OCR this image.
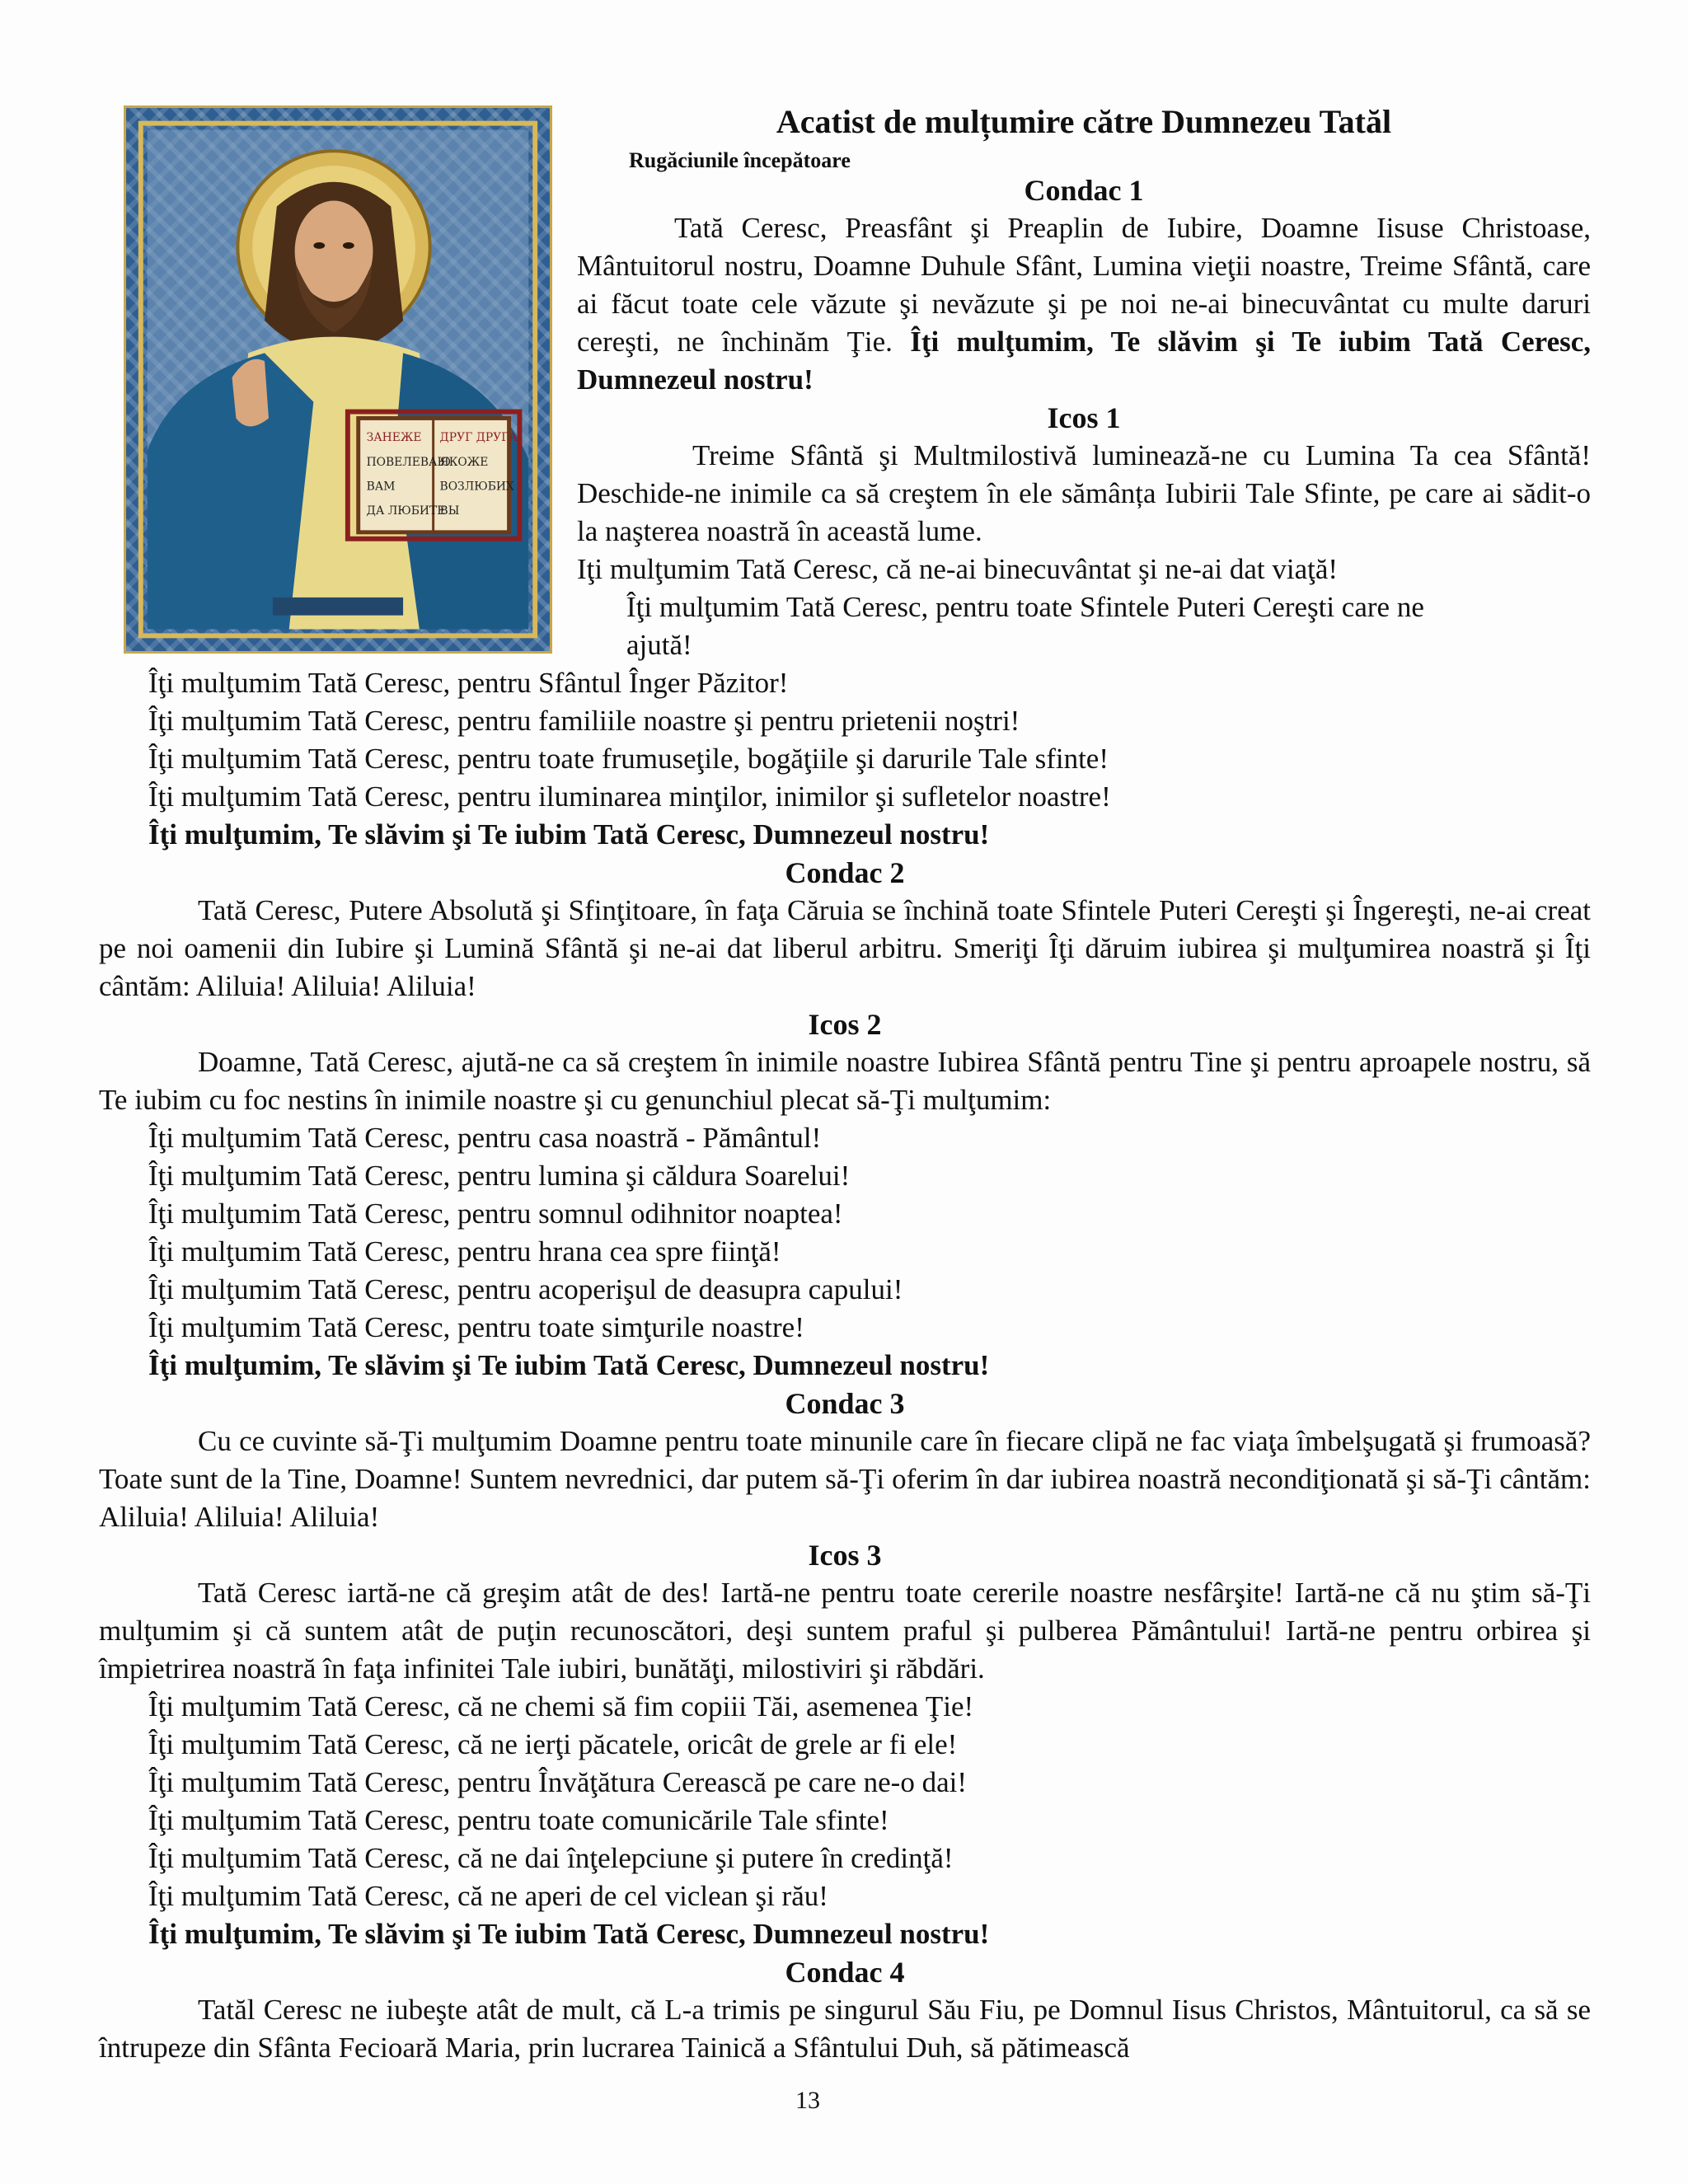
ЗАНЕЖЕ
ПОВЕЛЕВАЮ
ВАМ
ДА ЛЮБИТЕ
ДРУГ ДРУГА
ЯКОЖЕ
ВОЗЛЮБИХ
ВЫ
Acatist de mulțumire către Dumnezeu Tatăl
Rugăciunile începătoare
Condac 1
Tată Ceresc, Preasfânt şi Preaplin de Iubire, Doamne Iisuse Christoase, Mântuitorul nostru, Doamne Duhule Sfânt, Lumina vieţii noastre, Treime Sfântă, care ai făcut toate cele văzute şi nevăzute şi pe noi ne-ai binecuvântat cu multe daruri cereşti, ne închinăm Ţie. Îţi mulţumim, Te slăvim şi Te iubim Tată Ceresc, Dumnezeul nostru!
Icos 1
Treime Sfântă şi Multmilostivă luminează-ne cu Lumina Ta cea Sfântă! Deschide-ne inimile ca să creştem în ele sămânța Iubirii Tale Sfinte, pe care ai sădit-o la naşterea noastră în această lume.
Iţi mulţumim Tată Ceresc, că ne-ai binecuvântat şi ne-ai dat viaţă!
Îţi mulţumim Tată Ceresc, pentru toate Sfintele Puteri Cereşti care ne
ajută!
Îţi mulţumim Tată Ceresc, pentru Sfântul Înger Păzitor!
Îţi mulţumim Tată Ceresc, pentru familiile noastre şi pentru prietenii noştri!
Îţi mulţumim Tată Ceresc, pentru toate frumuseţile, bogăţiile şi darurile Tale sfinte!
Îţi mulţumim Tată Ceresc, pentru iluminarea minţilor, inimilor şi sufletelor noastre!
Îţi mulţumim, Te slăvim şi Te iubim Tată Ceresc, Dumnezeul nostru!
Condac 2
Tată Ceresc, Putere Absolută şi Sfinţitoare, în faţa Căruia se închină toate Sfintele Puteri Cereşti şi Îngereşti, ne-ai creat pe noi oamenii din Iubire şi Lumină Sfântă şi ne-ai dat liberul arbitru. Smeriţi Îţi dăruim iubirea şi mulţumirea noastră şi Îţi cântăm: Aliluia! Aliluia! Aliluia!
Icos 2
Doamne, Tată Ceresc, ajută-ne ca să creştem în inimile noastre Iubirea Sfântă pentru Tine şi pentru aproapele nostru, să Te iubim cu foc nestins în inimile noastre şi cu genunchiul plecat să-Ţi mulţumim:
Îţi mulţumim Tată Ceresc, pentru casa noastră - Pământul!
Îţi mulţumim Tată Ceresc, pentru lumina şi căldura Soarelui!
Îţi mulţumim Tată Ceresc, pentru somnul odihnitor noaptea!
Îţi mulţumim Tată Ceresc, pentru hrana cea spre fiinţă!
Îţi mulţumim Tată Ceresc, pentru acoperişul de deasupra capului!
Îţi mulţumim Tată Ceresc, pentru toate simţurile noastre!
Îţi mulţumim, Te slăvim şi Te iubim Tată Ceresc, Dumnezeul nostru!
Condac 3
Cu ce cuvinte să-Ţi mulţumim Doamne pentru toate minunile care în fiecare clipă ne fac viaţa îmbelşugată şi frumoasă? Toate sunt de la Tine, Doamne! Suntem nevrednici, dar putem să-Ţi oferim în dar iubirea noastră necondiţionată şi să-Ţi cântăm: Aliluia! Aliluia! Aliluia!
Icos 3
Tată Ceresc iartă-ne că greşim atât de des! Iartă-ne pentru toate cererile noastre nesfârşite! Iartă-ne că nu ştim să-Ţi mulţumim şi că suntem atât de puţin recunoscători, deşi suntem praful şi pulberea Pământului! Iartă-ne pentru orbirea şi împietrirea noastră în faţa infinitei Tale iubiri, bunătăţi, milostiviri şi răbdări.
Îţi mulţumim Tată Ceresc, că ne chemi să fim copiii Tăi, asemenea Ţie!
Îţi mulţumim Tată Ceresc, că ne ierţi păcatele, oricât de grele ar fi ele!
Îţi mulţumim Tată Ceresc, pentru Învăţătura Cerească pe care ne-o dai!
Îţi mulţumim Tată Ceresc, pentru toate comunicările Tale sfinte!
Îţi mulţumim Tată Ceresc, că ne dai înţelepciune şi putere în credinţă!
Îţi mulţumim Tată Ceresc, că ne aperi de cel viclean şi rău!
Îţi mulţumim, Te slăvim şi Te iubim Tată Ceresc, Dumnezeul nostru!
Condac 4
Tatăl Ceresc ne iubeşte atât de mult, că L-a trimis pe singurul Său Fiu, pe Domnul Iisus Christos, Mântuitorul, ca să se întrupeze din Sfânta Fecioară Maria, prin lucrarea Tainică a Sfântului Duh, să pătimească
13
